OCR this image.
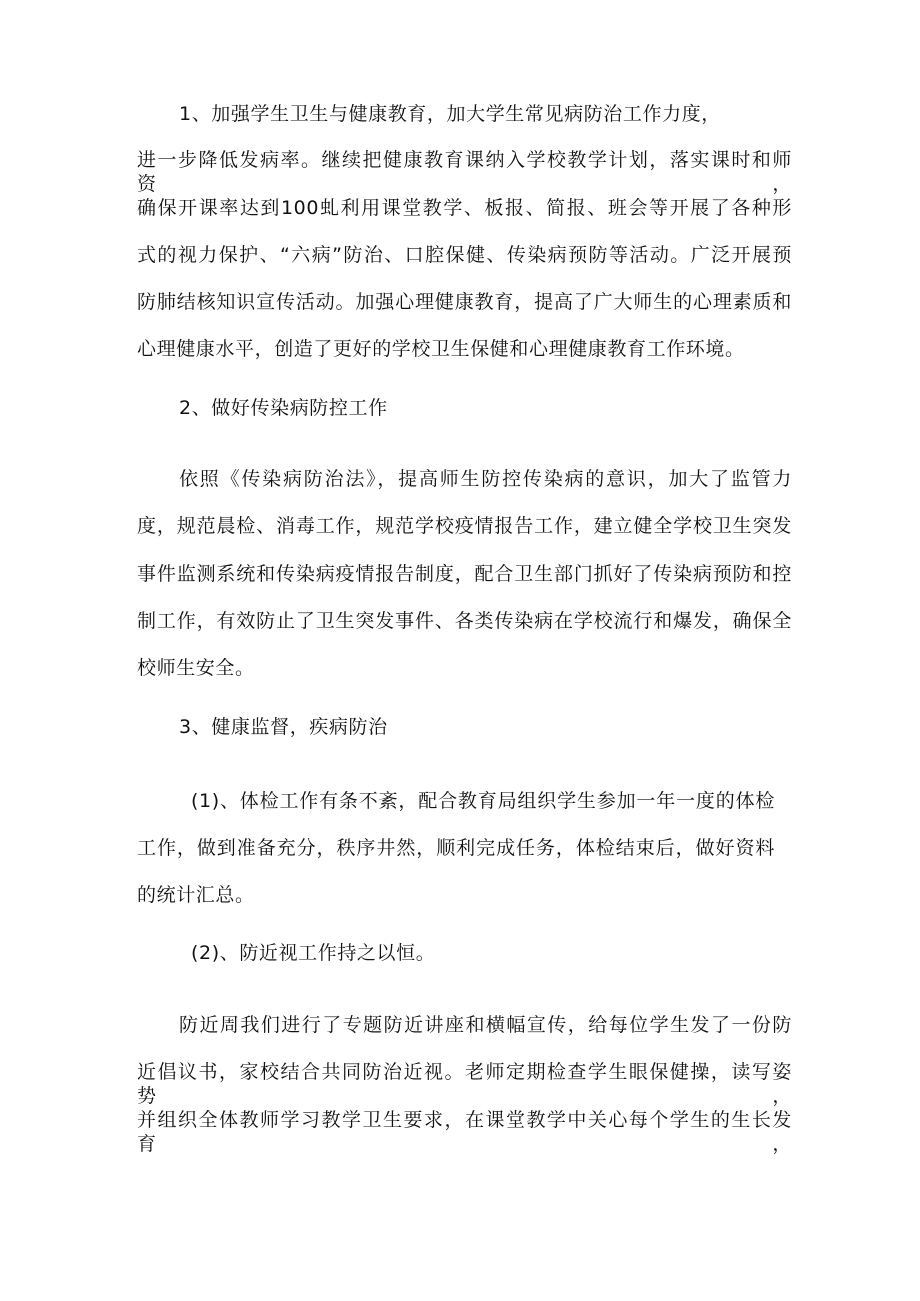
1、加强学生卫生与健康教育，加大学生常见病防治工作力度，
进一步降低发病率。继续把健康教育课纳入学校教学计划，落实课时和师资，
确保开课率达到100虬利用课堂教学、板报、简报、班会等开展了各种形
式的视力保护、“六病”防治、口腔保健、传染病预防等活动。广泛开展预
防肺结核知识宣传活动。加强心理健康教育，提高了广大师生的心理素质和
心理健康水平，创造了更好的学校卫生保健和心理健康教育工作环境。
2、做好传染病防控工作
依照《传染病防治法》，提高师生防控传染病的意识，加大了监管力
度，规范晨检、消毒工作，规范学校疫情报告工作，建立健全学校卫生突发
事件监测系统和传染病疫情报告制度，配合卫生部门抓好了传染病预防和控
制工作，有效防止了卫生突发事件、各类传染病在学校流行和爆发，确保全
校师生安全。
3、健康监督，疾病防治
(1)、体检工作有条不紊，配合教育局组织学生参加一年一度的体检
工作，做到准备充分，秩序井然，顺利完成任务，体检结束后，做好资料
的统计汇总。
(2)、防近视工作持之以恒。
防近周我们进行了专题防近讲座和横幅宣传，给每位学生发了一份防
近倡议书，家校结合共同防治近视。老师定期检查学生眼保健操，读写姿势，
并组织全体教师学习教学卫生要求，在课堂教学中关心每个学生的生长发育，
